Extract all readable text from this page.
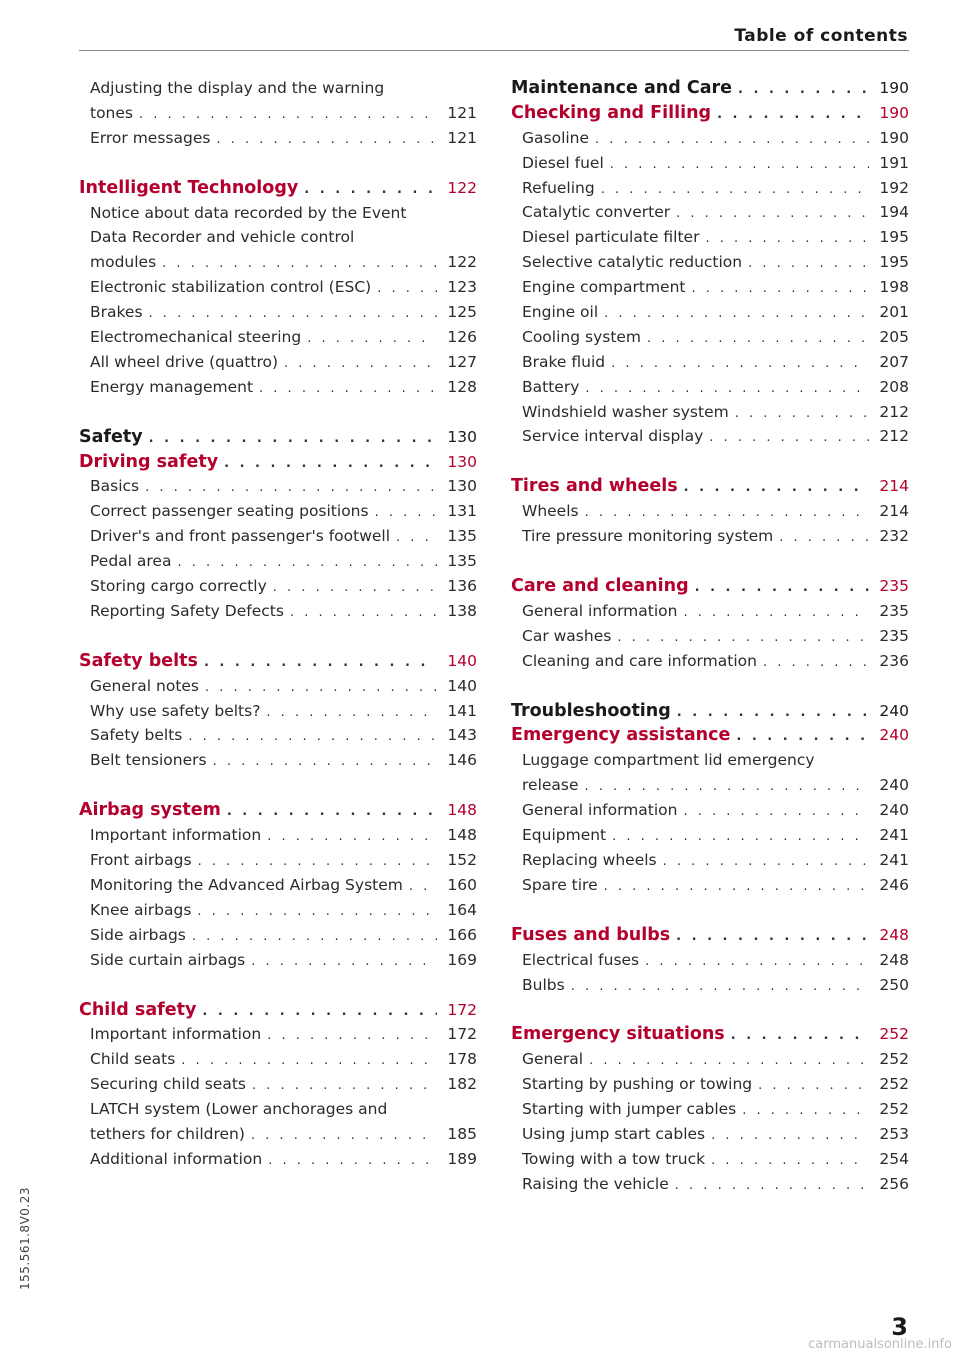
Table of contents
Adjusting the display and the warning
tones . . .	121
Error messages . . .	121
Intelligent Technology . . .	122
Notice about data recorded by the Event
Data Recorder and vehicle control
modules . . .	122
Electronic stabilization control (ESC) . . .	123
Brakes . . .	125
Electromechanical steering . . .	126
All wheel drive (quattro) . . .	127
Energy management . . .	128
Safety . . .	130
Driving safety . . .	130
Basics . . .	130
Correct passenger seating positions . . .	131
Driver's and front passenger's footwell . . .	135
Pedal area . . .	135
Storing cargo correctly . . .	136
Reporting Safety Defects . . .	138
Safety belts . . .	140
General notes . . .	140
Why use safety belts? . . .	141
Safety belts . . .	143
Belt tensioners . . .	146
Airbag system . . .	148
Important information . . .	148
Front airbags . . .	152
Monitoring the Advanced Airbag System . . .	160
Knee airbags . . .	164
Side airbags . . .	166
Side curtain airbags . . .	169
Child safety . . .	172
Important information . . .	172
Child seats . . .	178
Securing child seats . . .	182
LATCH system (Lower anchorages and
tethers for children) . . .	185
Additional information . . .	189
Maintenance and Care . . .	190
Checking and Filling . . .	190
Gasoline . . .	190
Diesel fuel . . .	191
Refueling . . .	192
Catalytic converter . . .	194
Diesel particulate filter . . .	195
Selective catalytic reduction . . .	195
Engine compartment . . .	198
Engine oil . . .	201
Cooling system . . .	205
Brake fluid . . .	207
Battery . . .	208
Windshield washer system . . .	212
Service interval display . . .	212
Tires and wheels . . .	214
Wheels . . .	214
Tire pressure monitoring system . . .	232
Care and cleaning . . .	235
General information . . .	235
Car washes . . .	235
Cleaning and care information . . .	236
Troubleshooting . . .	240
Emergency assistance . . .	240
Luggage compartment lid emergency
release . . .	240
General information . . .	240
Equipment . . .	241
Replacing wheels . . .	241
Spare tire . . .	246
Fuses and bulbs . . .	248
Electrical fuses . . .	248
Bulbs . . .	250
Emergency situations . . .	252
General . . .	252
Starting by pushing or towing . . .	252
Starting with jumper cables . . .	252
Using jump start cables . . .	253
Towing with a tow truck . . .	254
Raising the vehicle . . .	256
155.561.8V0.23
3
carmanualsonline.info
